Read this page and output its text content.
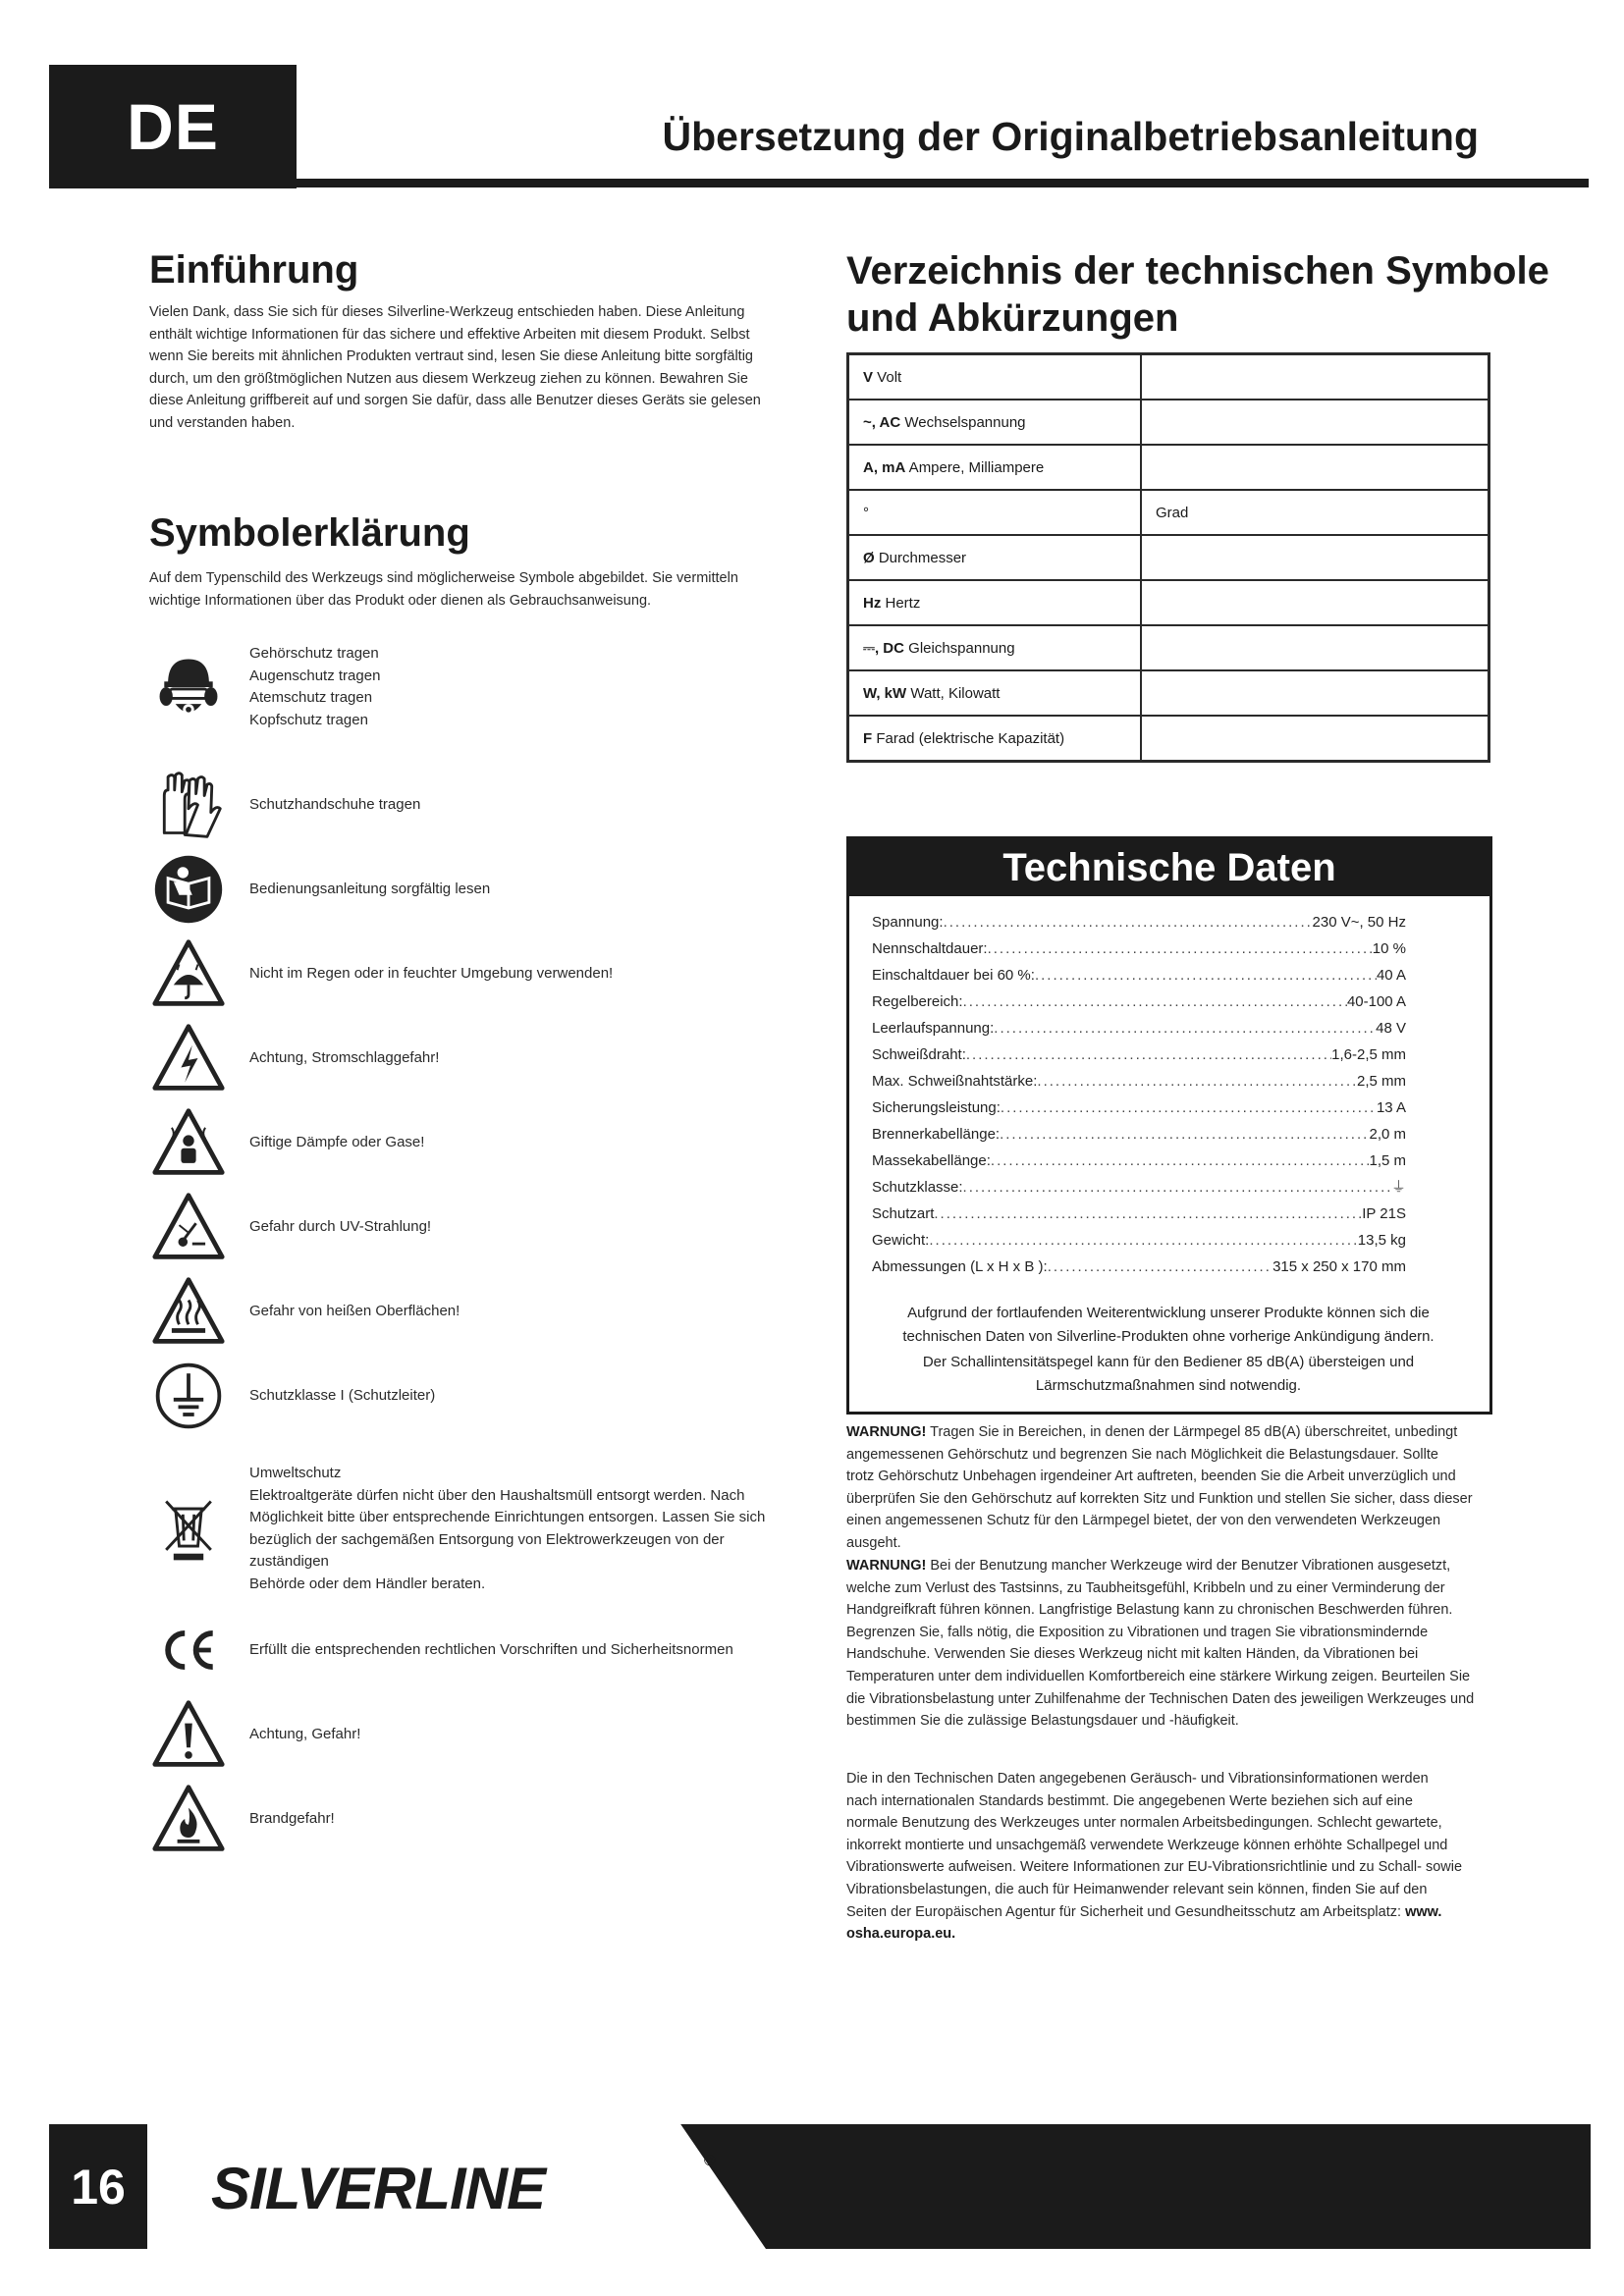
DE	Übersetzung der Originalbetriebsanleitung
Einführung
Vielen Dank, dass Sie sich für dieses Silverline-Werkzeug entschieden haben. Diese Anleitung
enthält wichtige Informationen für das sichere und effektive Arbeiten mit diesem Produkt. Selbst
wenn Sie bereits mit ähnlichen Produkten vertraut sind, lesen Sie diese Anleitung bitte sorgfältig
durch, um den größtmöglichen Nutzen aus diesem Werkzeug ziehen zu können. Bewahren Sie
diese Anleitung griffbereit auf und sorgen Sie dafür, dass alle Benutzer dieses Geräts sie gelesen
und verstanden haben.
Symbolerklärung
Auf dem Typenschild des Werkzeugs sind möglicherweise Symbole abgebildet. Sie vermitteln
wichtige Informationen über das Produkt oder dienen als Gebrauchsanweisung.
Gehörschutz tragen
Augenschutz tragen
Atemschutz tragen
Kopfschutz tragen
Schutzhandschuhe tragen
Bedienungsanleitung sorgfältig lesen
Nicht im Regen oder in feuchter Umgebung verwenden!
Achtung, Stromschlaggefahr!
Giftige Dämpfe oder Gase!
Gefahr durch UV-Strahlung!
Gefahr von heißen Oberflächen!
Schutzklasse I (Schutzleiter)
Umweltschutz
Elektroaltgeräte dürfen nicht über den Haushaltsmüll entsorgt werden. Nach
Möglichkeit bitte über entsprechende Einrichtungen entsorgen. Lassen Sie sich
bezüglich der sachgemäßen Entsorgung von Elektrowerkzeugen von der zuständigen
Behörde oder dem Händler beraten.
Erfüllt die entsprechenden rechtlichen Vorschriften und Sicherheitsnormen
Achtung, Gefahr!
Brandgefahr!
Verzeichnis der technischen Symbole
und Abkürzungen
V Volt	
~, AC Wechselspannung	
A, mA Ampere, Milliampere	
°	Grad
Ø Durchmesser	
Hz Hertz	
⎓, DC Gleichspannung	
W, kW Watt, Kilowatt	
F Farad (elektrische Kapazität)	
Technische Daten
Spannung: .....	230 V~, 50 Hz
Nennschaltdauer: .....	10 %
Einschaltdauer bei 60 %: .....	40 A
Regelbereich: .....	40-100 A
Leerlaufspannung: .....	48 V
Schweißdraht: .....	1,6-2,5 mm
Max. Schweißnahtstärke: .....	2,5 mm
Sicherungsleistung: .....	13 A
Brennerkabellänge: .....	2,0 m
Massekabellänge: .....	1,5 m
Schutzklasse: .....	⏚
Schutzart .....	IP 21S
Gewicht: .....	13,5 kg
Abmessungen (L x H x B ): .....	315 x 250 x 170 mm
Aufgrund der fortlaufenden Weiterentwicklung unserer Produkte können sich die
technischen Daten von Silverline-Produkten ohne vorherige Ankündigung ändern.
Der Schallintensitätspegel kann für den Bediener 85 dB(A) übersteigen und
Lärmschutzmaßnahmen sind notwendig.
WARNUNG! Tragen Sie in Bereichen, in denen der Lärmpegel 85 dB(A) überschreitet, unbedingt
angemessenen Gehörschutz und begrenzen Sie nach Möglichkeit die Belastungsdauer. Sollte
trotz Gehörschutz Unbehagen irgendeiner Art auftreten, beenden Sie die Arbeit unverzüglich und
überprüfen Sie den Gehörschutz auf korrekten Sitz und Funktion und stellen Sie sicher, dass dieser
einen angemessenen Schutz für den Lärmpegel bietet, der von den verwendeten Werkzeugen
ausgeht.
WARNUNG! Bei der Benutzung mancher Werkzeuge wird der Benutzer Vibrationen ausgesetzt,
welche zum Verlust des Tastsinns, zu Taubheitsgefühl, Kribbeln und zu einer Verminderung der
Handgreifkraft führen können. Langfristige Belastung kann zu chronischen Beschwerden führen.
Begrenzen Sie, falls nötig, die Exposition zu Vibrationen und tragen Sie vibrationsmindernde
Handschuhe. Verwenden Sie dieses Werkzeug nicht mit kalten Händen, da Vibrationen bei
Temperaturen unter dem individuellen Komfortbereich eine stärkere Wirkung zeigen. Beurteilen Sie
die Vibrationsbelastung unter Zuhilfenahme der Technischen Daten des jeweiligen Werkzeuges und
bestimmen Sie die zulässige Belastungsdauer und -häufigkeit.
Die in den Technischen Daten angegebenen Geräusch- und Vibrationsinformationen werden
nach internationalen Standards bestimmt. Die angegebenen Werte beziehen sich auf eine
normale Benutzung des Werkzeuges unter normalen Arbeitsbedingungen. Schlecht gewartete,
inkorrekt montierte und unsachgemäß verwendete Werkzeuge können erhöhte Schallpegel und
Vibrationswerte aufweisen. Weitere Informationen zur EU-Vibrationsrichtlinie und zu Schall- sowie
Vibrationsbelastungen, die auch für Heimanwender relevant sein können, finden Sie auf den
Seiten der Europäischen Agentur für Sicherheit und Gesundheitsschutz am Arbeitsplatz: www.
osha.europa.eu.
16	SILVERLINE	®
